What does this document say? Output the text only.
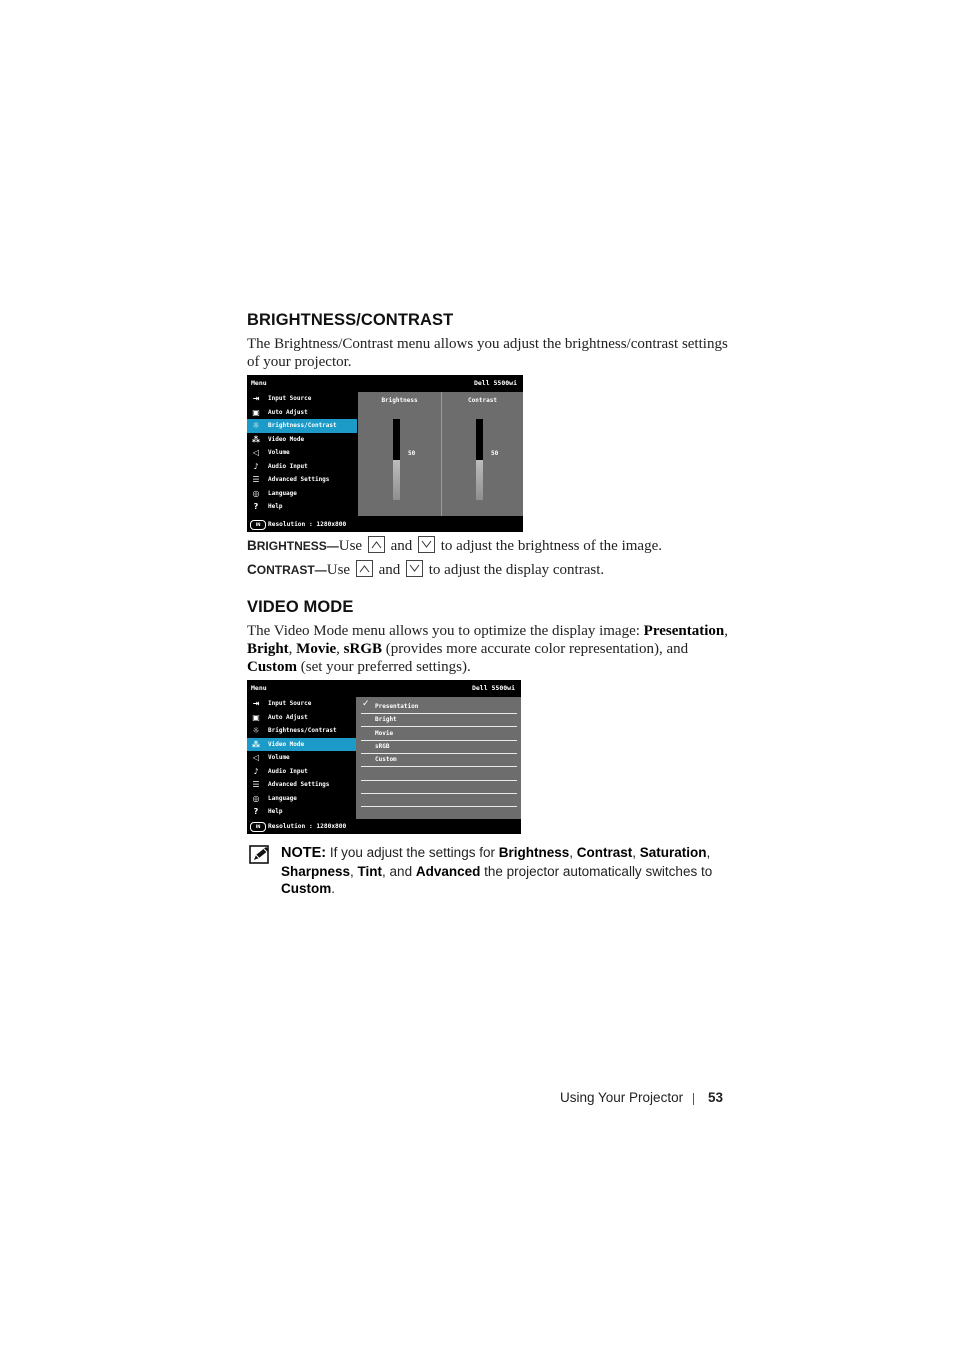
BRIGHTNESS/CONTRAST
The Brightness/Contrast menu allows you adjust the brightness/contrast settings of your projector.
Menu	Dell 5500wi
⇥ Input Source
▣ Auto Adjust
☼ Brightness/Contrast
⁂ Video Mode
◁	Volume
♪	Audio Input
☰ Advanced Settings
◎ Language
?	Help
Brightness
50
Contrast
50
IN	Resolution : 1280x800
BRIGHTNESS—Use and to adjust the brightness of the image.
CONTRAST—Use and to adjust the display contrast.
VIDEO MODE
The Video Mode menu allows you to optimize the display image: Presentation, Bright, Movie, sRGB (provides more accurate color representation), and Custom (set your preferred settings).
Menu	Dell 5500wi
⇥ Input Source
▣ Auto Adjust
☼ Brightness/Contrast
⁂ Video Mode
◁	Volume
♪	Audio Input
☰ Advanced Settings
◎ Language
?	Help
✓ Presentation
Bright
Movie
sRGB
Custom
IN	Resolution : 1280x800
NOTE: If you adjust the settings for Brightness, Contrast, Saturation, Sharpness, Tint, and Advanced the projector automatically switches to Custom.
Using Your Projector 53
